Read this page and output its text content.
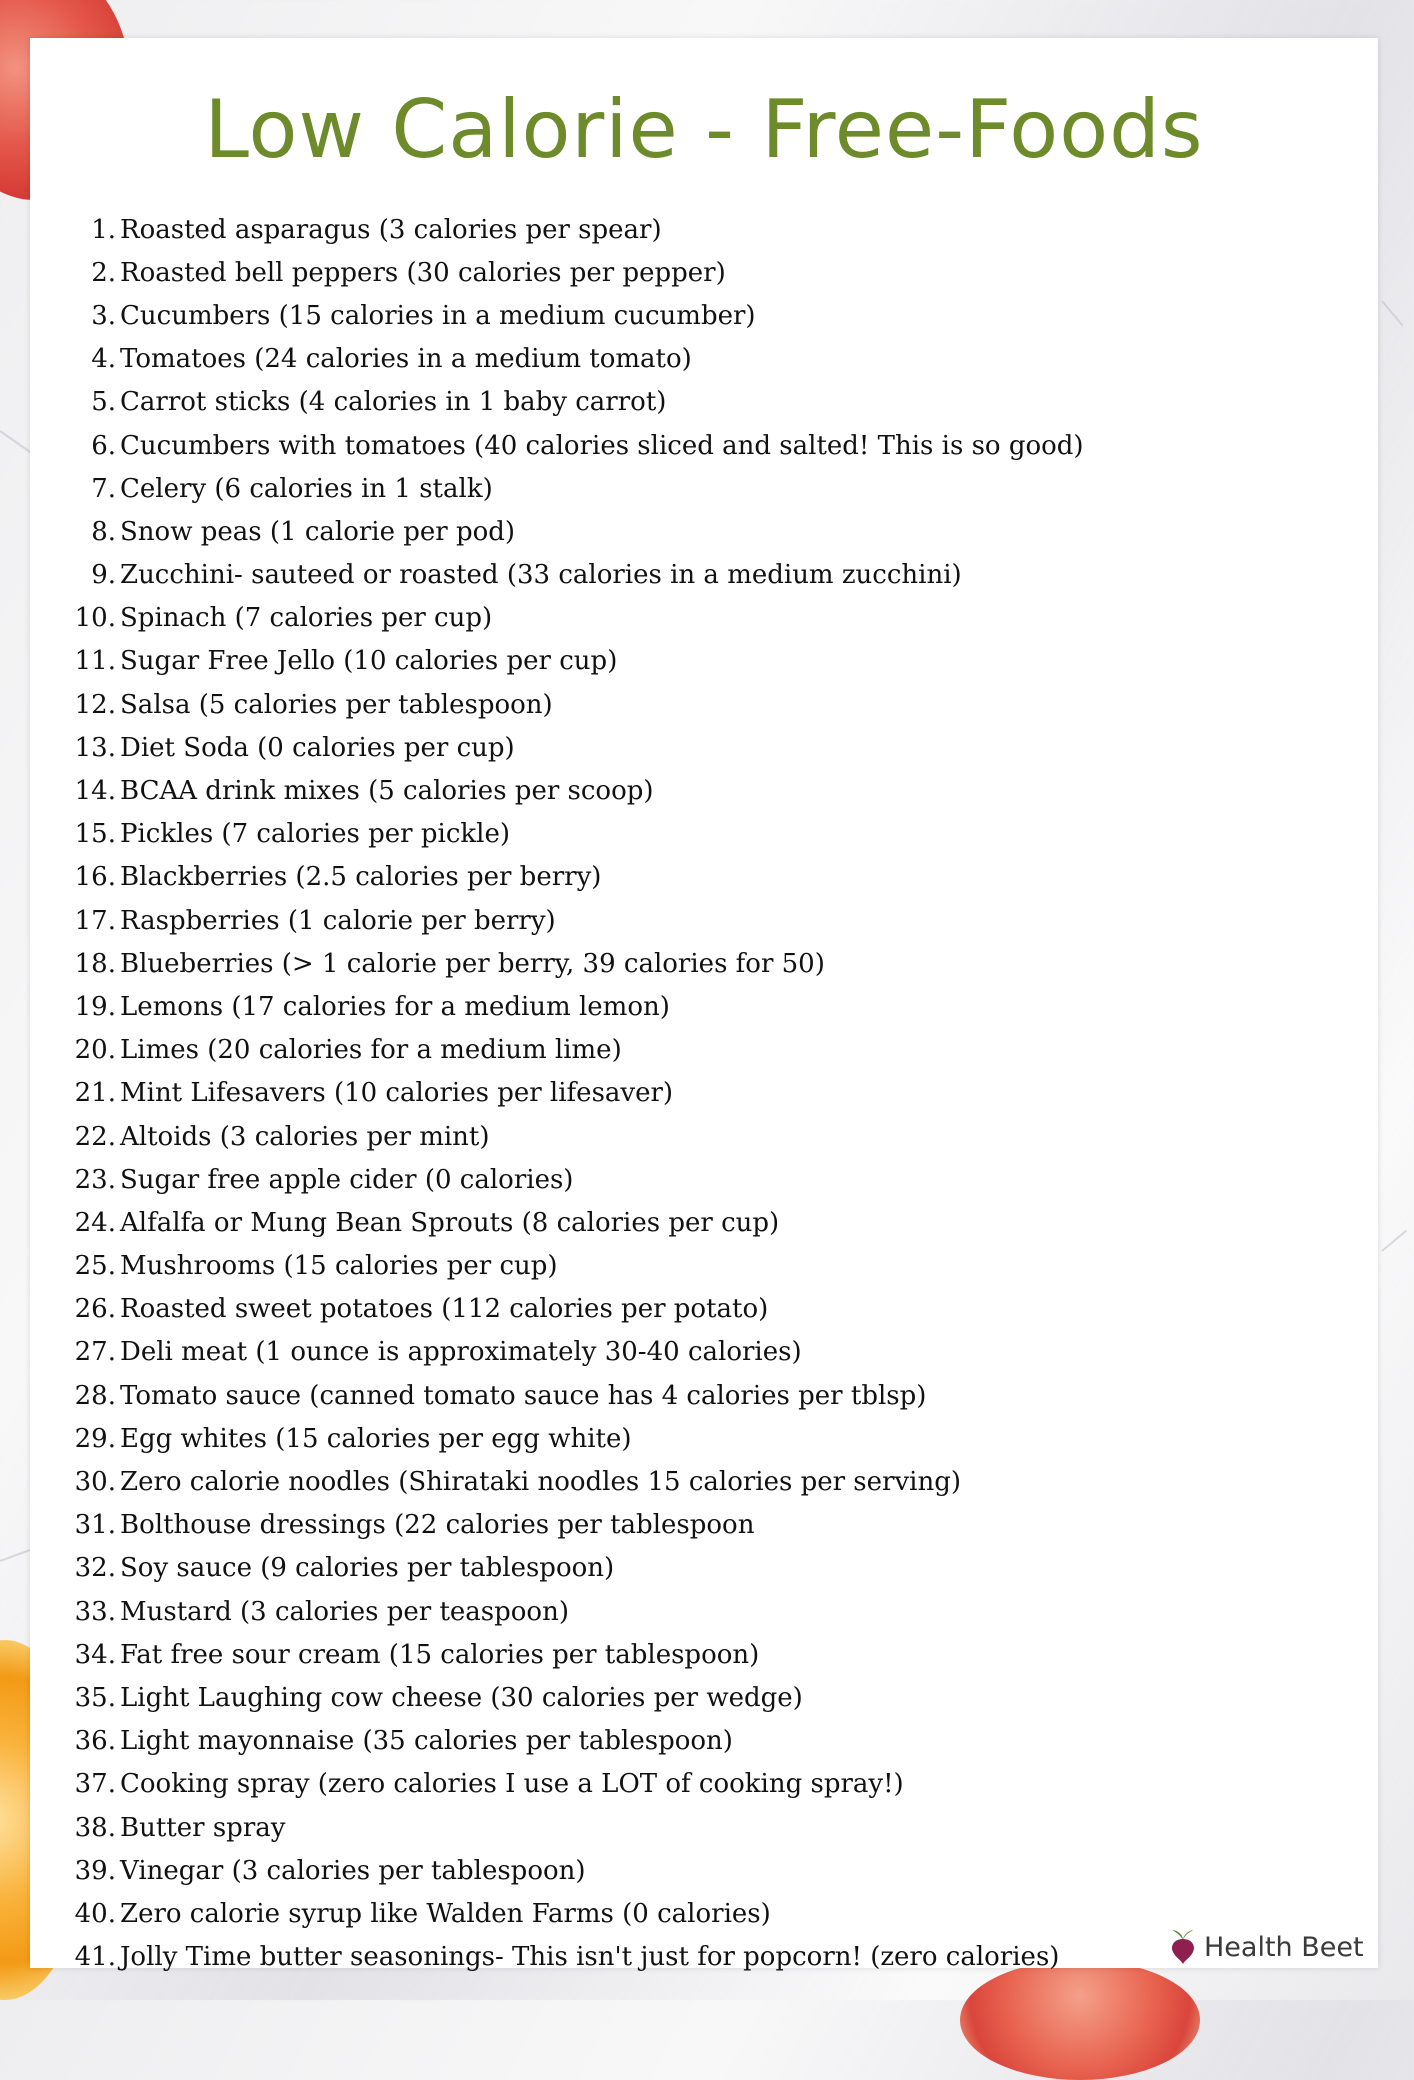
Low Calorie - Free-Foods
1. Roasted asparagus (3 calories per spear)
2. Roasted bell peppers (30 calories per pepper)
3. Cucumbers (15 calories in a medium cucumber)
4. Tomatoes (24 calories in a medium tomato)
5. Carrot sticks (4 calories in 1 baby carrot)
6. Cucumbers with tomatoes (40 calories sliced and salted! This is so good)
7. Celery (6 calories in 1 stalk)
8. Snow peas (1 calorie per pod)
9. Zucchini- sauteed or roasted (33 calories in a medium zucchini)
10. Spinach (7 calories per cup)
11. Sugar Free Jello (10 calories per cup)
12. Salsa (5 calories per tablespoon)
13. Diet Soda (0 calories per cup)
14. BCAA drink mixes (5 calories per scoop)
15. Pickles (7 calories per pickle)
16. Blackberries (2.5 calories per berry)
17. Raspberries (1 calorie per berry)
18. Blueberries (> 1 calorie per berry, 39 calories for 50)
19. Lemons (17 calories for a medium lemon)
20. Limes (20 calories for a medium lime)
21. Mint Lifesavers (10 calories per lifesaver)
22. Altoids (3 calories per mint)
23. Sugar free apple cider (0 calories)
24. Alfalfa or Mung Bean Sprouts (8 calories per cup)
25. Mushrooms (15 calories per cup)
26. Roasted sweet potatoes (112 calories per potato)
27. Deli meat (1 ounce is approximately 30-40 calories)
28. Tomato sauce (canned tomato sauce has 4 calories per tblsp)
29. Egg whites (15 calories per egg white)
30. Zero calorie noodles (Shirataki noodles 15 calories per serving)
31. Bolthouse dressings (22 calories per tablespoon
32. Soy sauce (9 calories per tablespoon)
33. Mustard (3 calories per teaspoon)
34. Fat free sour cream (15 calories per tablespoon)
35. Light Laughing cow cheese (30 calories per wedge)
36. Light mayonnaise (35 calories per tablespoon)
37. Cooking spray (zero calories I use a LOT of cooking spray!)
38. Butter spray
39. Vinegar (3 calories per tablespoon)
40. Zero calorie syrup like Walden Farms (0 calories)
41. Jolly Time butter seasonings- This isn't just for popcorn! (zero calories)	Health Beet
